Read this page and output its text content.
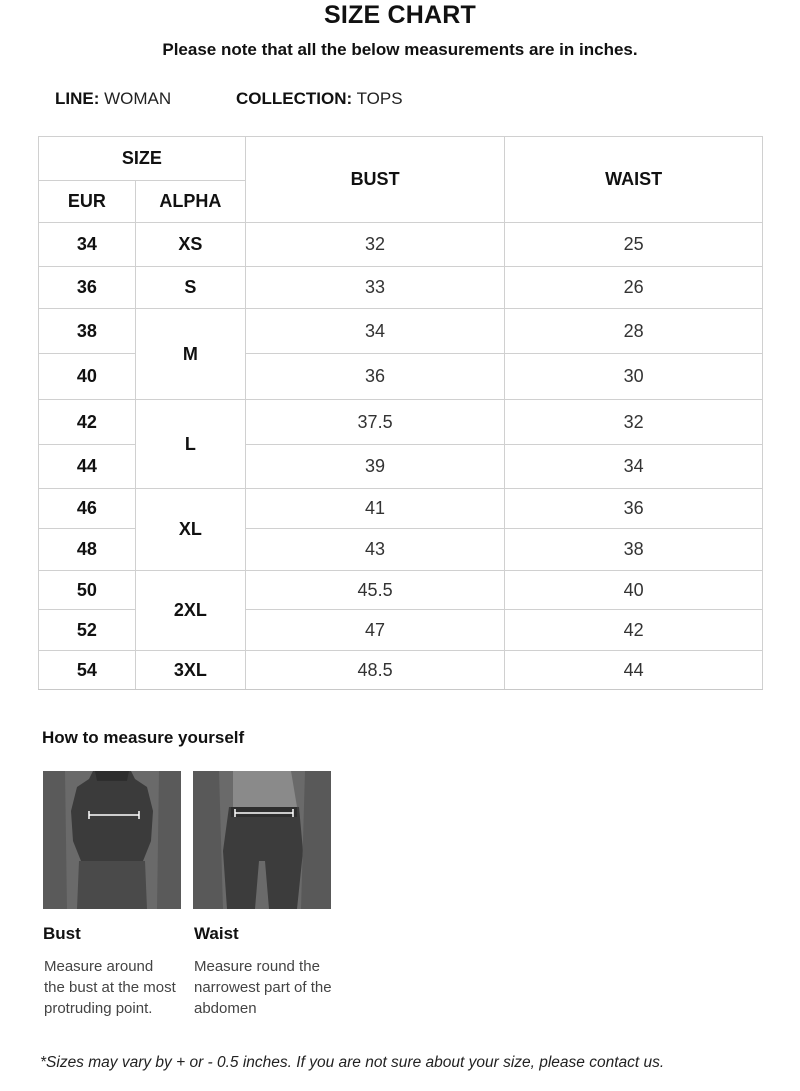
SIZE CHART
Please note that all the below measurements are in inches.
LINE: WOMAN	COLLECTION: TOPS
SIZE		BUST	WAIST
EUR	ALPHA		
34	XS	32	25
36	S	33	26
38	M	34	28
40		36	30
42	L	37.5	32
44		39	34
46	XL	41	36
48		43	38
50	2XL	45.5	40
52		47	42
54	3XL	48.5	44
How to measure yourself
Bust
Measure around
the bust at the most
protruding point.
Waist
Measure round the
narrowest part of the
abdomen
*Sizes may vary by + or - 0.5 inches. If you are not sure about your size, please contact us.
